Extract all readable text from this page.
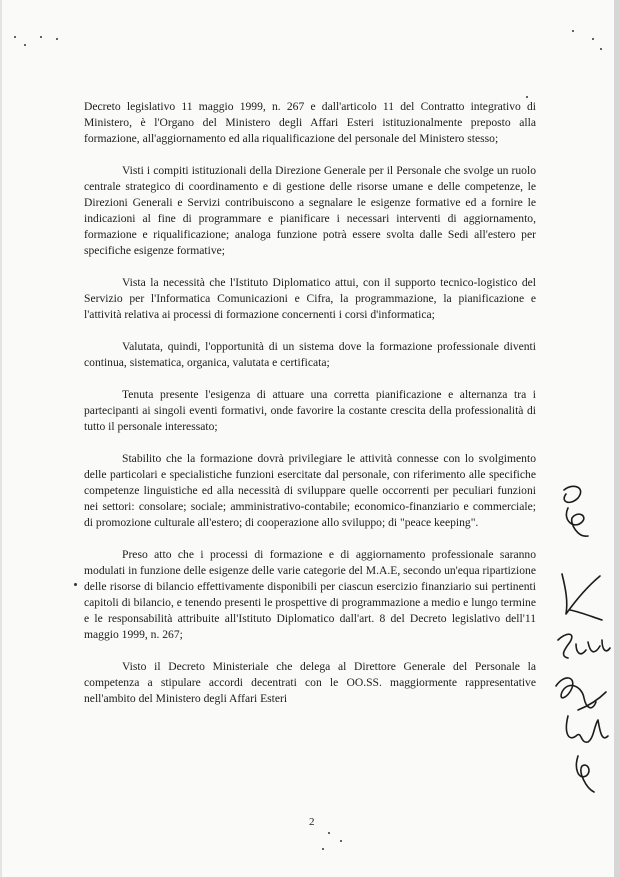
Decreto legislativo 11 maggio 1999, n. 267 e dall'articolo 11 del Contratto integrativo di Ministero, è l'Organo del Ministero degli Affari Esteri istituzionalmente preposto alla formazione, all'aggiornamento ed alla riqualificazione del personale del Ministero stesso;

Visti i compiti istituzionali della Direzione Generale per il Personale che svolge un ruolo centrale strategico di coordinamento e di gestione delle risorse umane e delle competenze, le Direzioni Generali e Servizi contribuiscono a segnalare le esigenze formative ed a fornire le indicazioni al fine di programmare e pianificare i necessari interventi di aggiornamento, formazione e riqualificazione; analoga funzione potrà essere svolta dalle Sedi all'estero per specifiche esigenze formative;

Vista la necessità che l'Istituto Diplomatico attui, con il supporto tecnico-logistico del Servizio per l'Informatica Comunicazioni e Cifra, la programmazione, la pianificazione e l'attività relativa ai processi di formazione concernenti i corsi d'informatica;

Valutata, quindi, l'opportunità di un sistema dove la formazione professionale diventi continua, sistematica, organica, valutata e certificata;

Tenuta presente l'esigenza di attuare una corretta pianificazione e alternanza tra i partecipanti ai singoli eventi formativi, onde favorire la costante crescita della professionalità di tutto il personale interessato;

Stabilito che la formazione dovrà privilegiare le attività connesse con lo svolgimento delle particolari e specialistiche funzioni esercitate dal personale, con riferimento alle specifiche competenze linguistiche ed alla necessità di sviluppare quelle occorrenti per peculiari funzioni nei settori: consolare; sociale; amministrativo-contabile; economico-finanziario e commerciale; di promozione culturale all'estero; di cooperazione allo sviluppo; di "peace keeping".

Preso atto che i processi di formazione e di aggiornamento professionale saranno modulati in funzione delle esigenze delle varie categorie del M.A.E, secondo un'equa ripartizione delle risorse di bilancio effettivamente disponibili per ciascun esercizio finanziario sui pertinenti capitoli di bilancio, e tenendo presenti le prospettive di programmazione a medio e lungo termine e le responsabilità attribuite all'Istituto Diplomatico dall'art. 8 del Decreto legislativo dell'11 maggio 1999, n. 267;

Visto il Decreto Ministeriale che delega al Direttore Generale del Personale la competenza a stipulare accordi decentrati con le OO.SS. maggiormente rappresentative nell'ambito del Ministero degli Affari Esteri

2
